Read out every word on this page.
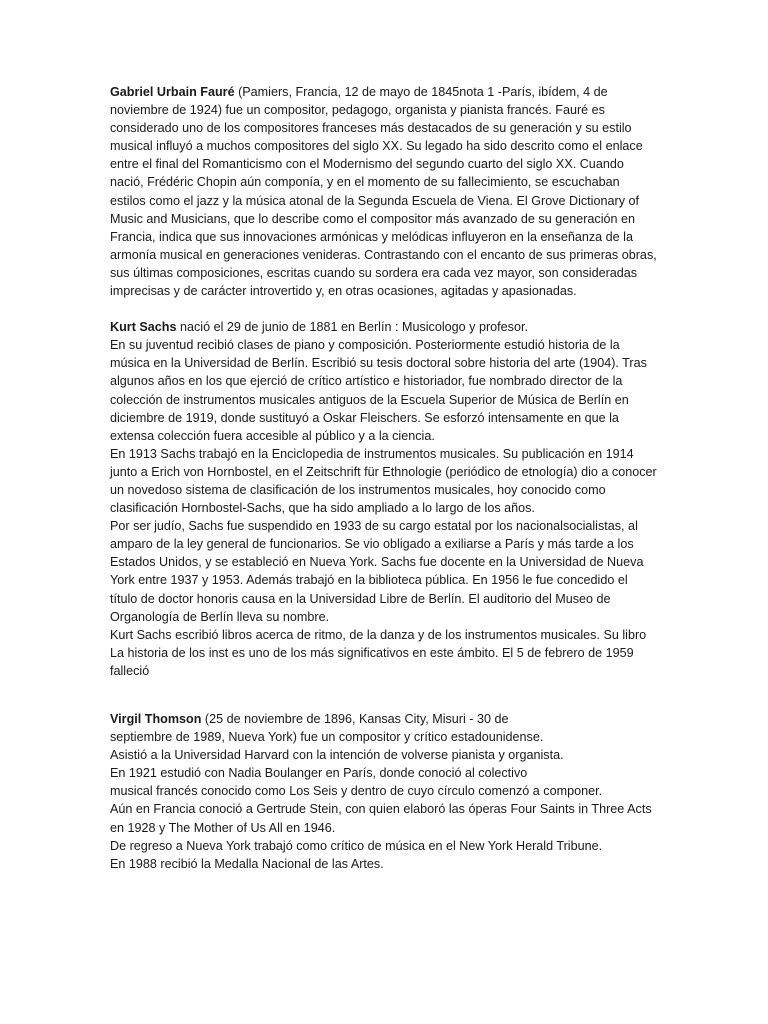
Gabriel Urbain Fauré (Pamiers, Francia, 12 de mayo de 1845nota 1 -París, ibídem, 4 de noviembre de 1924) fue un compositor, pedagogo, organista y pianista francés. Fauré es considerado uno de los compositores franceses más destacados de su generación y su estilo musical influyó a muchos compositores del siglo XX. Su legado ha sido descrito como el enlace entre el final del Romanticismo con el Modernismo del segundo cuarto del siglo XX. Cuando nació, Frédéric Chopin aún componía, y en el momento de su fallecimiento, se escuchaban estilos como el jazz y la música atonal de la Segunda Escuela de Viena. El Grove Dictionary of Music and Musicians, que lo describe como el compositor más avanzado de su generación en Francia, indica que sus innovaciones armónicas y melódicas influyeron en la enseñanza de la armonía musical en generaciones venideras. Contrastando con el encanto de sus primeras obras, sus últimas composiciones, escritas cuando su sordera era cada vez mayor, son consideradas imprecisas y de carácter introvertido y, en otras ocasiones, agitadas y apasionadas.

Kurt Sachs nació el 29 de junio de 1881 en Berlín : Musicologo y profesor.

En su juventud recibió clases de piano y composición. Posteriormente estudió historia de la música en la Universidad de Berlín. Escribió su tesis doctoral sobre historia del arte (1904). Tras algunos años en los que ejerció de crítico artístico e historiador, fue nombrado director de la colección de instrumentos musicales antiguos de la Escuela Superior de Música de Berlín en diciembre de 1919, donde sustituyó a Oskar Fleischers. Se esforzó intensamente en que la extensa colección fuera accesible al público y a la ciencia.

En 1913 Sachs trabajó en la Enciclopedia de instrumentos musicales. Su publicación en 1914 junto a Erich von Hornbostel, en el Zeitschrift für Ethnologie (periódico de etnología) dio a conocer un novedoso sistema de clasificación de los instrumentos musicales, hoy conocido como clasificación Hornbostel-Sachs, que ha sido ampliado a lo largo de los años.

Por ser judío, Sachs fue suspendido en 1933 de su cargo estatal por los nacionalsocialistas, al amparo de la ley general de funcionarios. Se vio obligado a exiliarse a París y más tarde a los Estados Unidos, y se estableció en Nueva York. Sachs fue docente en la Universidad de Nueva York entre 1937 y 1953. Además trabajó en la biblioteca pública. En 1956 le fue concedido el título de doctor honoris causa en la Universidad Libre de Berlín. El auditorio del Museo de Organología de Berlín lleva su nombre.

Kurt Sachs escribió libros acerca de ritmo, de la danza y de los instrumentos musicales. Su libro La historia de los inst es uno de los más significativos en este ámbito. El 5 de febrero de 1959 falleció

Virgil Thomson (25 de noviembre de 1896, Kansas City, Misuri - 30 de

septiembre de 1989, Nueva York) fue un compositor y crítico estadounidense.

Asistió a la Universidad Harvard con la intención de volverse pianista y organista.

En 1921 estudió con Nadia Boulanger en París, donde conoció al colectivo

musical francés conocido como Los Seis y dentro de cuyo círculo comenzó a componer.

Aún en Francia conoció a Gertrude Stein, con quien elaboró las óperas Four Saints in Three Acts en 1928 y The Mother of Us All en 1946.

De regreso a Nueva York trabajó como crítico de música en el New York Herald Tribune.

En 1988 recibió la Medalla Nacional de las Artes.
